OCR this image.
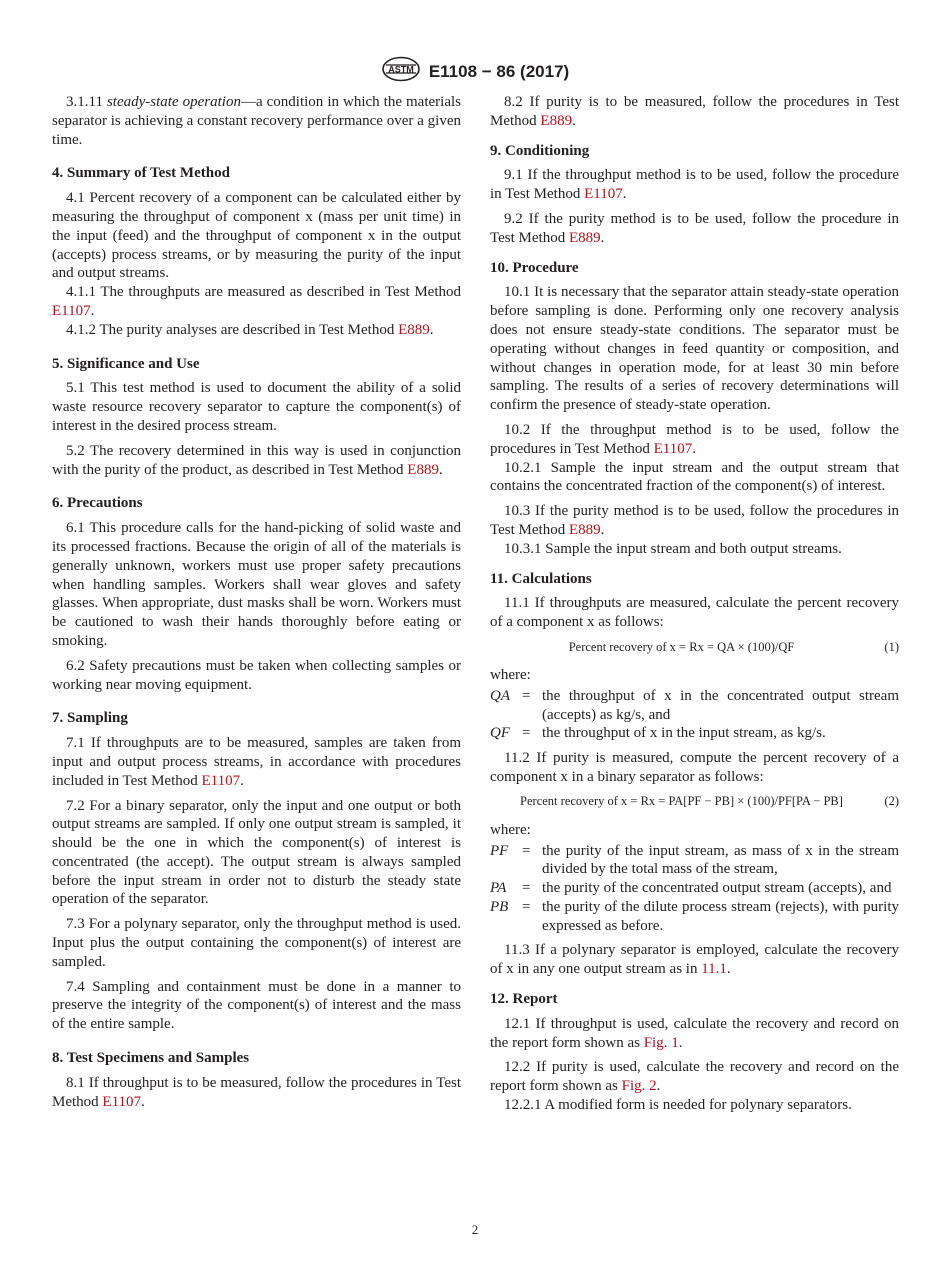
ASTM E1108 − 86 (2017)

3.1.11 steady-state operation—a condition in which the materials separator is achieving a constant recovery performance over a given time.

4. Summary of Test Method

4.1 Percent recovery of a component can be calculated either by measuring the throughput of component x (mass per unit time) in the input (feed) and the throughput of component x in the output (accepts) process streams, or by measuring the purity of the input and output streams.

4.1.1 The throughputs are measured as described in Test Method E1107.

4.1.2 The purity analyses are described in Test Method E889.

5. Significance and Use

5.1 This test method is used to document the ability of a solid waste resource recovery separator to capture the component(s) of interest in the desired process stream.

5.2 The recovery determined in this way is used in conjunction with the purity of the product, as described in Test Method E889.

6. Precautions

6.1 This procedure calls for the hand-picking of solid waste and its processed fractions. Because the origin of all of the materials is generally unknown, workers must use proper safety precautions when handling samples. Workers shall wear gloves and safety glasses. When appropriate, dust masks shall be worn. Workers must be cautioned to wash their hands thoroughly before eating or smoking.

6.2 Safety precautions must be taken when collecting samples or working near moving equipment.

7. Sampling

7.1 If throughputs are to be measured, samples are taken from input and output process streams, in accordance with procedures included in Test Method E1107.

7.2 For a binary separator, only the input and one output or both output streams are sampled. If only one output stream is sampled, it should be the one in which the component(s) of interest is concentrated (the accept). The output stream is always sampled before the input stream in order not to disturb the steady state operation of the separator.

7.3 For a polynary separator, only the throughput method is used. Input plus the output containing the component(s) of interest are sampled.

7.4 Sampling and containment must be done in a manner to preserve the integrity of the component(s) of interest and the mass of the entire sample.

8. Test Specimens and Samples

8.1 If throughput is to be measured, follow the procedures in Test Method E1107.

8.2 If purity is to be measured, follow the procedures in Test Method E889.

9. Conditioning

9.1 If the throughput method is to be used, follow the procedure in Test Method E1107.

9.2 If the purity method is to be used, follow the procedure in Test Method E889.

10. Procedure

10.1 It is necessary that the separator attain steady-state operation before sampling is done. Performing only one recovery analysis does not ensure steady-state conditions. The separator must be operating without changes in feed quantity or composition, and without changes in operation mode, for at least 30 min before sampling. The results of a series of recovery determinations will confirm the presence of steady-state operation.

10.2 If the throughput method is to be used, follow the procedures in Test Method E1107.

10.2.1 Sample the input stream and the output stream that contains the concentrated fraction of the component(s) of interest.

10.3 If the purity method is to be used, follow the procedures in Test Method E889.

10.3.1 Sample the input stream and both output streams.

11. Calculations

11.1 If throughputs are measured, calculate the percent recovery of a component x as follows:

Percent recovery of x = Rx = QA × (100)/QF	(1)
where:
QA = the throughput of x in the concentrated output stream (accepts) as kg/s, and
QF = the throughput of x in the input stream, as kg/s.

11.2 If purity is measured, compute the percent recovery of a component x in a binary separator as follows:

Percent recovery of x = Rx = PA[PF − PB] × (100)/PF[PA − PB]	(2)
where:
PF = the purity of the input stream, as mass of x in the stream divided by the total mass of the stream,
PA	= the purity of the concentrated output stream (accepts), and
PB = the purity of the dilute process stream (rejects), with purity expressed as before.

11.3 If a polynary separator is employed, calculate the recovery of x in any one output stream as in 11.1.

12. Report

12.1 If throughput is used, calculate the recovery and record on the report form shown as Fig. 1.

12.2 If purity is used, calculate the recovery and record on the report form shown as Fig. 2.

12.2.1 A modified form is needed for polynary separators.

2
